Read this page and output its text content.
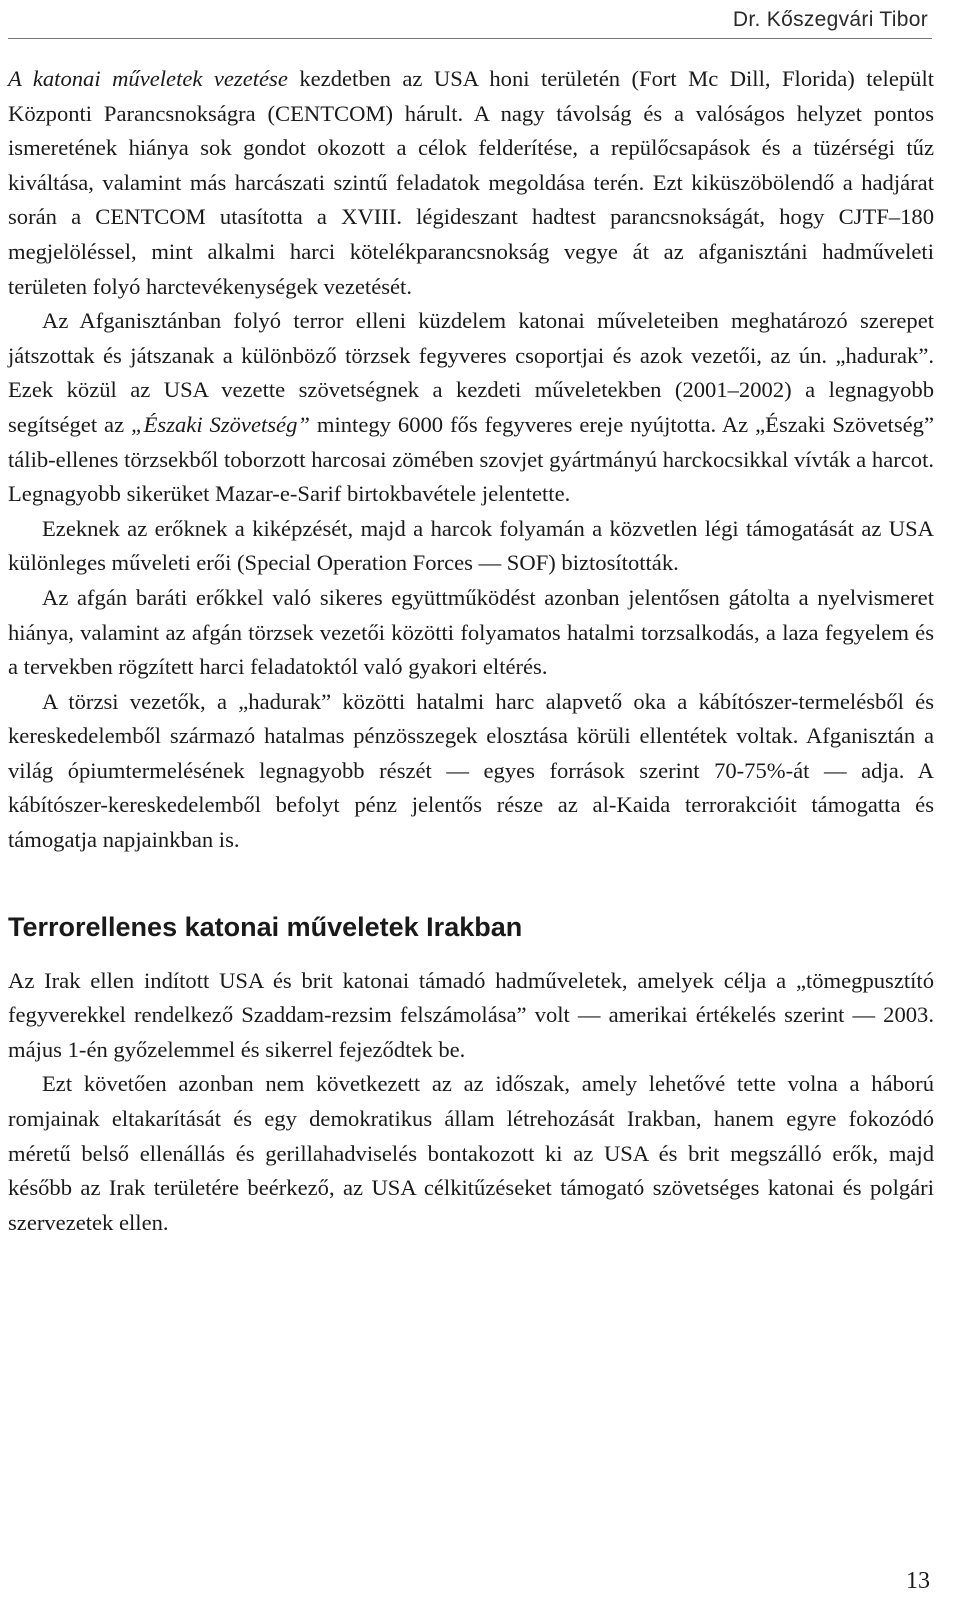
Dr. Kőszegvári Tibor

A katonai műveletek vezetése kezdetben az USA honi területén (Fort Mc Dill, Florida) települt Központi Parancsnokságra (CENTCOM) hárult. A nagy távolság és a valóságos helyzet pontos ismeretének hiánya sok gondot okozott a célok felderítése, a repülőcsapások és a tüzérségi tűz kiváltása, valamint más harcászati szintű feladatok megoldása terén. Ezt kiküszöbölendő a hadjárat során a CENTCOM utasította a XVIII. légideszant hadtest parancsnokságát, hogy CJTF–180 megjelöléssel, mint alkalmi harci kötelékparancsnokság vegye át az afganisztáni hadműveleti területen folyó harctevékenységek vezetését.

Az Afganisztánban folyó terror elleni küzdelem katonai műveleteiben meghatározó szerepet játszottak és játszanak a különböző törzsek fegyveres csoportjai és azok vezetői, az ún. „hadurak”. Ezek közül az USA vezette szövetségnek a kezdeti műveletekben (2001–2002) a legnagyobb segítséget az „Északi Szövetség” mintegy 6000 fős fegyveres ereje nyújtotta. Az „Északi Szövetség” tálib-ellenes törzsekből toborzott harcosai zömében szovjet gyártmányú harckocsikkal vívták a harcot. Legnagyobb sikerüket Mazar-e-Sarif birtokbavétele jelentette.

Ezeknek az erőknek a kiképzését, majd a harcok folyamán a közvetlen légi támogatását az USA különleges műveleti erői (Special Operation Forces — SOF) biztosították.

Az afgán baráti erőkkel való sikeres együttműködést azonban jelentősen gátolta a nyelvismeret hiánya, valamint az afgán törzsek vezetői közötti folyamatos hatalmi torzsalkodás, a laza fegyelem és a tervekben rögzített harci feladatoktól való gyakori eltérés.

A törzsi vezetők, a „hadurak” közötti hatalmi harc alapvető oka a kábítószer-termelésből és kereskedelemből származó hatalmas pénzösszegek elosztása körüli ellentétek voltak. Afganisztán a világ ópiumtermelésének legnagyobb részét — egyes források szerint 70-75%-át — adja. A kábítószer-kereskedelemből befolyt pénz jelentős része az al-Kaida terrorakcióit támogatta és támogatja napjainkban is.

Terrorellenes katonai műveletek Irakban

Az Irak ellen indított USA és brit katonai támadó hadműveletek, amelyek célja a „tömegpusztító fegyverekkel rendelkező Szaddam-rezsim felszámolása” volt — amerikai értékelés szerint — 2003. május 1-én győzelemmel és sikerrel fejeződtek be.

Ezt követően azonban nem következett az az időszak, amely lehetővé tette volna a háború romjainak eltakarítását és egy demokratikus állam létrehozását Irakban, hanem egyre fokozódó méretű belső ellenállás és gerillahadviselés bontakozott ki az USA és brit megszálló erők, majd később az Irak területére beérkező, az USA célkitűzéseket támogató szövetséges katonai és polgári szervezetek ellen.

13
